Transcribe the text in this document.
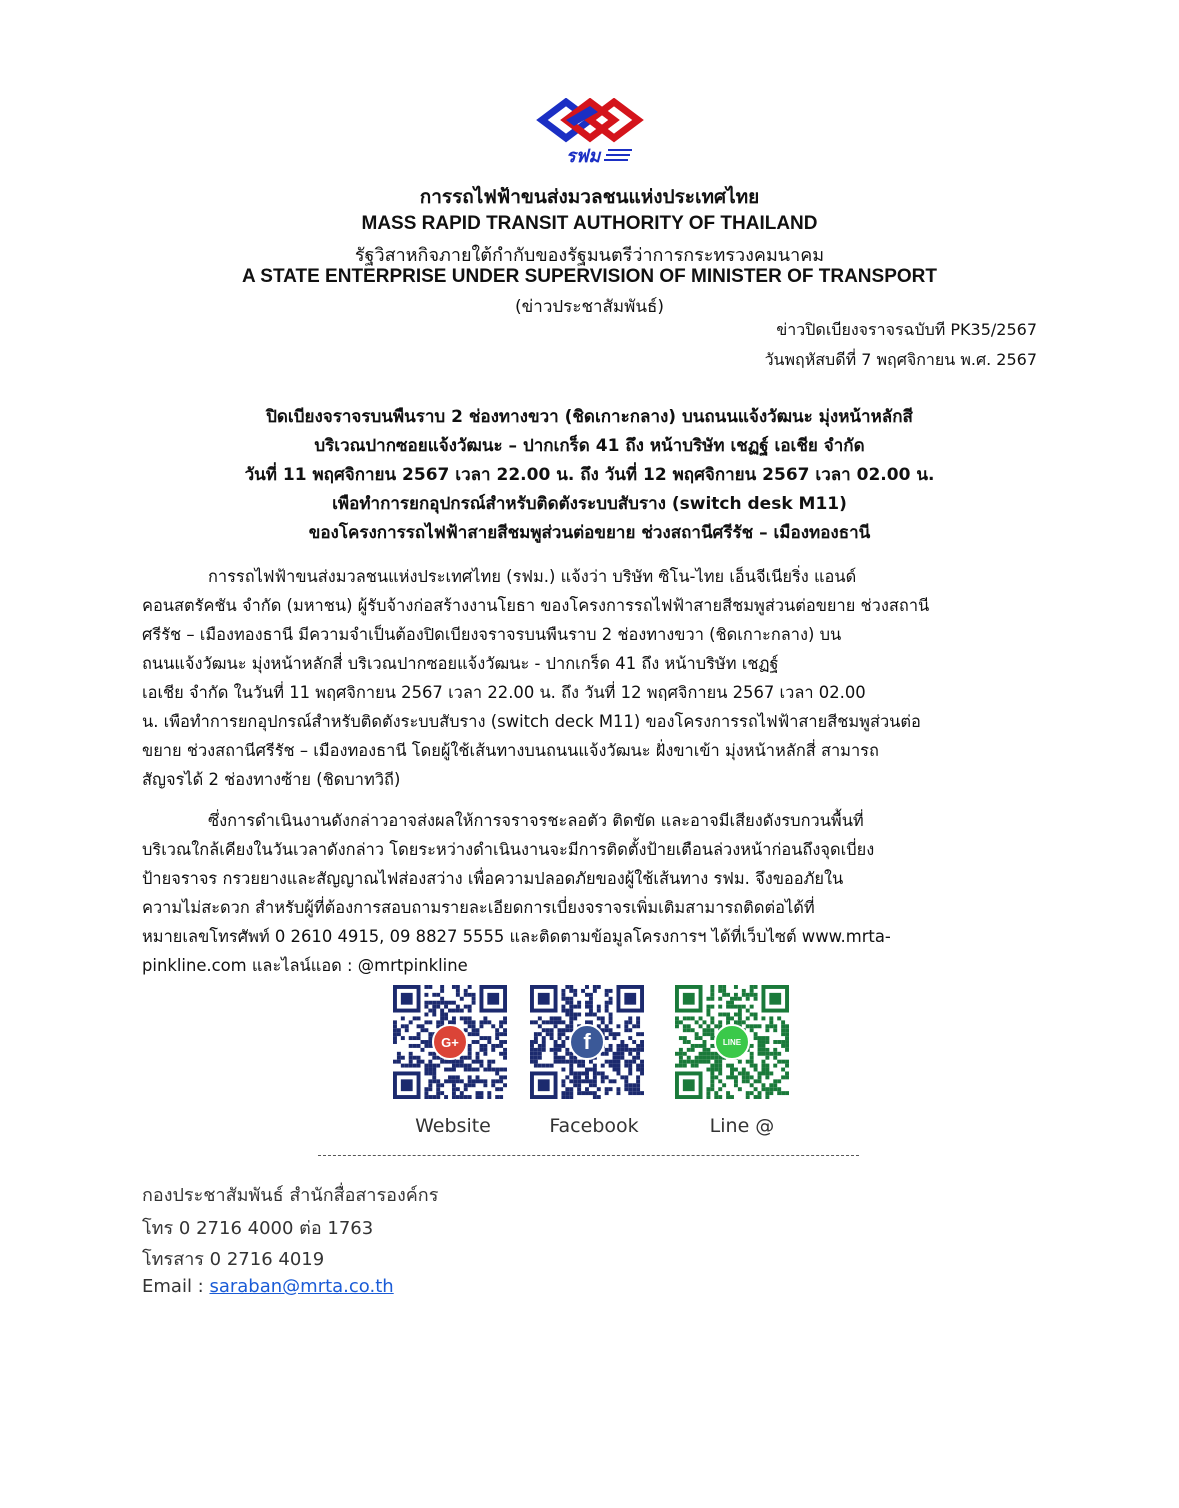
รฟม
การรถไฟฟ้าขนส่งมวลชนแห่งประเทศไทย
MASS RAPID TRANSIT AUTHORITY OF THAILAND
รัฐวิสาหกิจภายใต้กำกับของรัฐมนตรีว่าการกระทรวงคมนาคม
A STATE ENTERPRISE UNDER SUPERVISION OF MINISTER OF TRANSPORT
(ข่าวประชาสัมพันธ์)
ข่าวปิดเบียงจราจรฉบับที PK35/2567
วันพฤหัสบดีที่ 7 พฤศจิกายน พ.ศ. 2567
ปิดเบียงจราจรบนพืนราบ 2 ช่องทางขวา (ชิดเกาะกลาง) บนถนนแจ้งวัฒนะ มุ่งหน้าหลักสี
บริเวณปากซอยแจ้งวัฒนะ – ปากเกร็ด 41 ถึง หน้าบริษัท เชฏฐ์ เอเชีย จำกัด
วันที่ 11 พฤศจิกายน 2567 เวลา 22.00 น. ถึง วันที่ 12 พฤศจิกายน 2567 เวลา 02.00 น.
เพือทำการยกอุปกรณ์สำหรับติดตังระบบสับราง (switch desk M11)
ของโครงการรถไฟฟ้าสายสีชมพูส่วนต่อขยาย ช่วงสถานีศรีรัช – เมืองทองธานี
การรถไฟฟ้าขนส่งมวลชนแห่งประเทศไทย (รฟม.) แจ้งว่า บริษัท ซิโน-ไทย เอ็นจีเนียริ่ง แอนด์
คอนสตรัคชัน จำกัด (มหาชน) ผู้รับจ้างก่อสร้างงานโยธา ของโครงการรถไฟฟ้าสายสีชมพูส่วนต่อขยาย ช่วงสถานี
ศรีรัช – เมืองทองธานี มีความจำเป็นต้องปิดเบียงจราจรบนพืนราบ 2 ช่องทางขวา (ชิดเกาะกลาง) บน
ถนนแจ้งวัฒนะ มุ่งหน้าหลักสี่ บริเวณปากซอยแจ้งวัฒนะ - ปากเกร็ด 41 ถึง หน้าบริษัท เชฏฐ์
เอเชีย จำกัด ในวันที่ 11 พฤศจิกายน 2567 เวลา 22.00 น. ถึง วันที่ 12 พฤศจิกายน 2567 เวลา 02.00
น. เพือทำการยกอุปกรณ์สำหรับติดตังระบบสับราง (switch deck M11) ของโครงการรถไฟฟ้าสายสีชมพูส่วนต่อ
ขยาย ช่วงสถานีศรีรัช – เมืองทองธานี โดยผู้ใช้เส้นทางบนถนนแจ้งวัฒนะ ฝั่งขาเข้า มุ่งหน้าหลักสี่ สามารถ
สัญจรได้ 2 ช่องทางซ้าย (ชิดบาทวิถี)
ซึ่งการดำเนินงานดังกล่าวอาจส่งผลให้การจราจรชะลอตัว ติดขัด และอาจมีเสียงดังรบกวนพื้นที่
บริเวณใกล้เคียงในวันเวลาดังกล่าว โดยระหว่างดำเนินงานจะมีการติดตั้งป้ายเตือนล่วงหน้าก่อนถึงจุดเบี่ยง
ป้ายจราจร กรวยยางและสัญญาณไฟส่องสว่าง เพื่อความปลอดภัยของผู้ใช้เส้นทาง รฟม. จึงขออภัยใน
ความไม่สะดวก สำหรับผู้ที่ต้องการสอบถามรายละเอียดการเบี่ยงจราจรเพิ่มเติมสามารถติดต่อได้ที่
หมายเลขโทรศัพท์ 0 2610 4915, 09 8827 5555 และติดตามข้อมูลโครงการฯ ได้ที่เว็บไซต์ www.mrta-
pinkline.com และไลน์แอด : @mrtpinkline
G+	f	LINE
Website	Facebook	Line @
กองประชาสัมพันธ์ สำนักสื่อสารองค์กร
โทร 0 2716 4000 ต่อ 1763
โทรสาร 0 2716 4019
Email : saraban@mrta.co.th
